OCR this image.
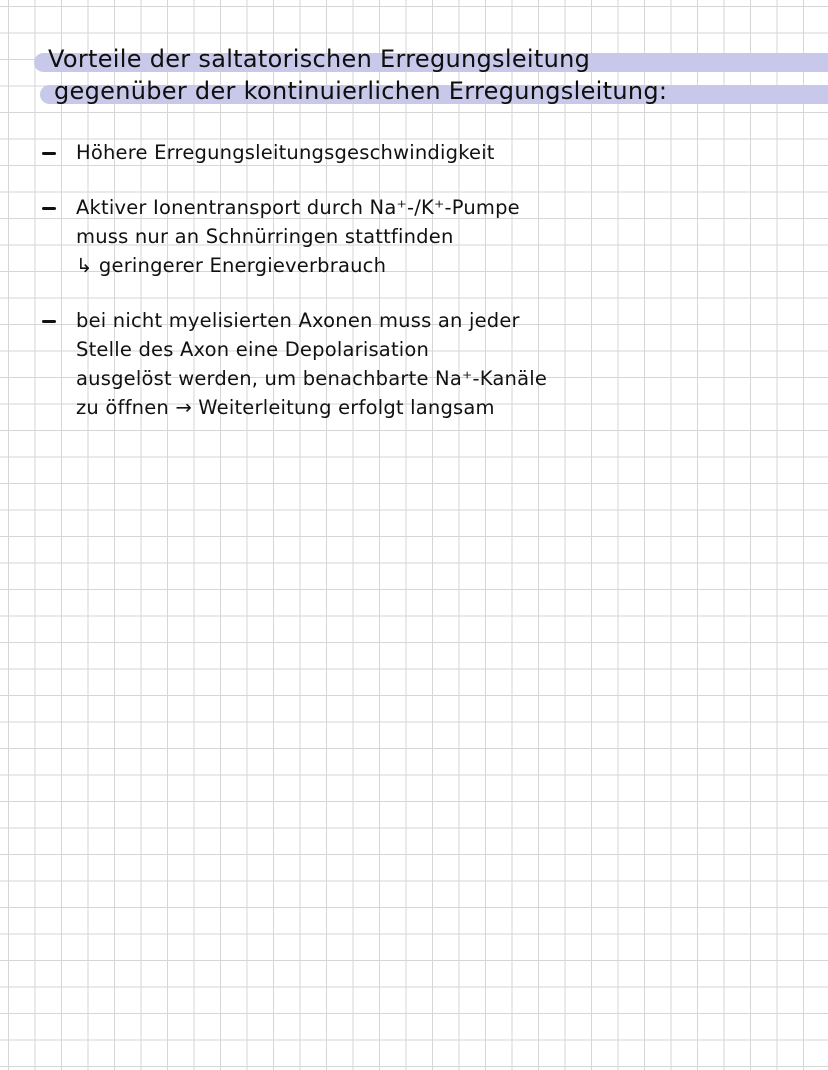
Vorteile der saltatorischen Erregungsleitung
gegenüber der kontinuierlichen Erregungsleitung:
Höhere Erregungsleitungsgeschwindigkeit
Aktiver Ionentransport durch Na⁺-/K⁺-Pumpe
muss nur an Schnürringen stattfinden
↳ geringerer Energieverbrauch
bei nicht myelisierten Axonen muss an jeder
Stelle des Axon eine Depolarisation
ausgelöst werden, um benachbarte Na⁺-Kanäle
zu öffnen → Weiterleitung erfolgt langsam
